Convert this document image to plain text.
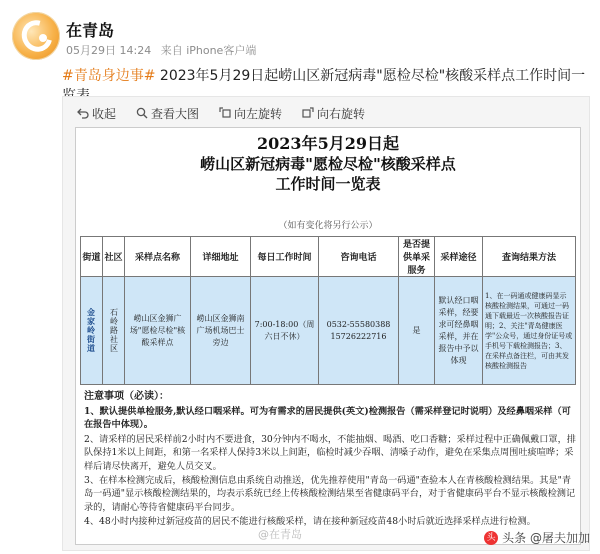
在青岛
05月29日 14:24 来自 iPhone客户端
#青岛身边事# 2023年5月29日起崂山区新冠病毒"愿检尽检"核酸采样点工作时间一
收起	查看大图	向左旋转	向右旋转
2023年5月29日起
崂山区新冠病毒"愿检尽检"核酸采样点
工作时间一览表
（如有变化将另行公示）
街道	社区	采样点名称	详细地址	每日工作时间	咨询电话	是否提供单采服务	采样途径	查询结果方法

金家岭街道	石岭路社区	崂山区金狮广场"愿检尽检"核酸采样点	崂山区金狮南广场机场巴士旁边	7:00-18:00（周六日不休）	0532-55580388 15726222716	是	默认经口咽采样，经要求可经鼻咽采样，并在报告中予以体现	1、在一码通或健康码显示核酸检测结果，可通过一码通下载最近一次核酸报告证明；2、关注"青岛健康医学"公众号，通过身份证号或手机号下载检测报告；3、在采样点备注栏，可由其发核酸检测报告
注意事项（必读）：

1、默认提供单检服务,默认经口咽采样。可为有需求的居民提供(英文)检测报告（需采样登记时说明）及经鼻咽采样（可在报告中体现）。

2、请采样的居民采样前2小时内不要进食，30分钟内不喝水，不能抽烟、喝酒、吃口香糖；采样过程中正确佩戴口罩，排队保持1米以上间距，和第一名采样人保持3米以上间距，临检时减少吞咽、清嗓子动作，避免在采集点周围吐痰喧哗；采样后请尽快离开，避免人员交叉。

3、在样本检测完成后，核酸检测信息由系统自动推送，优先推荐使用"青岛一码通"查验本人在青核酸检测结果。其是"青岛一码通"显示核酸检测结果的，均表示系统已经上传核酸检测结果至省健康码平台，对于省健康码平台不显示核酸检测记录的，请耐心等待省健康码平台同步。

4、48小时内接种过新冠疫苗的居民不能进行核酸采样，请在接种新冠疫苗48小时后就近选择采样点进行检测。

@在青岛	头 头条 @屠夫加加
